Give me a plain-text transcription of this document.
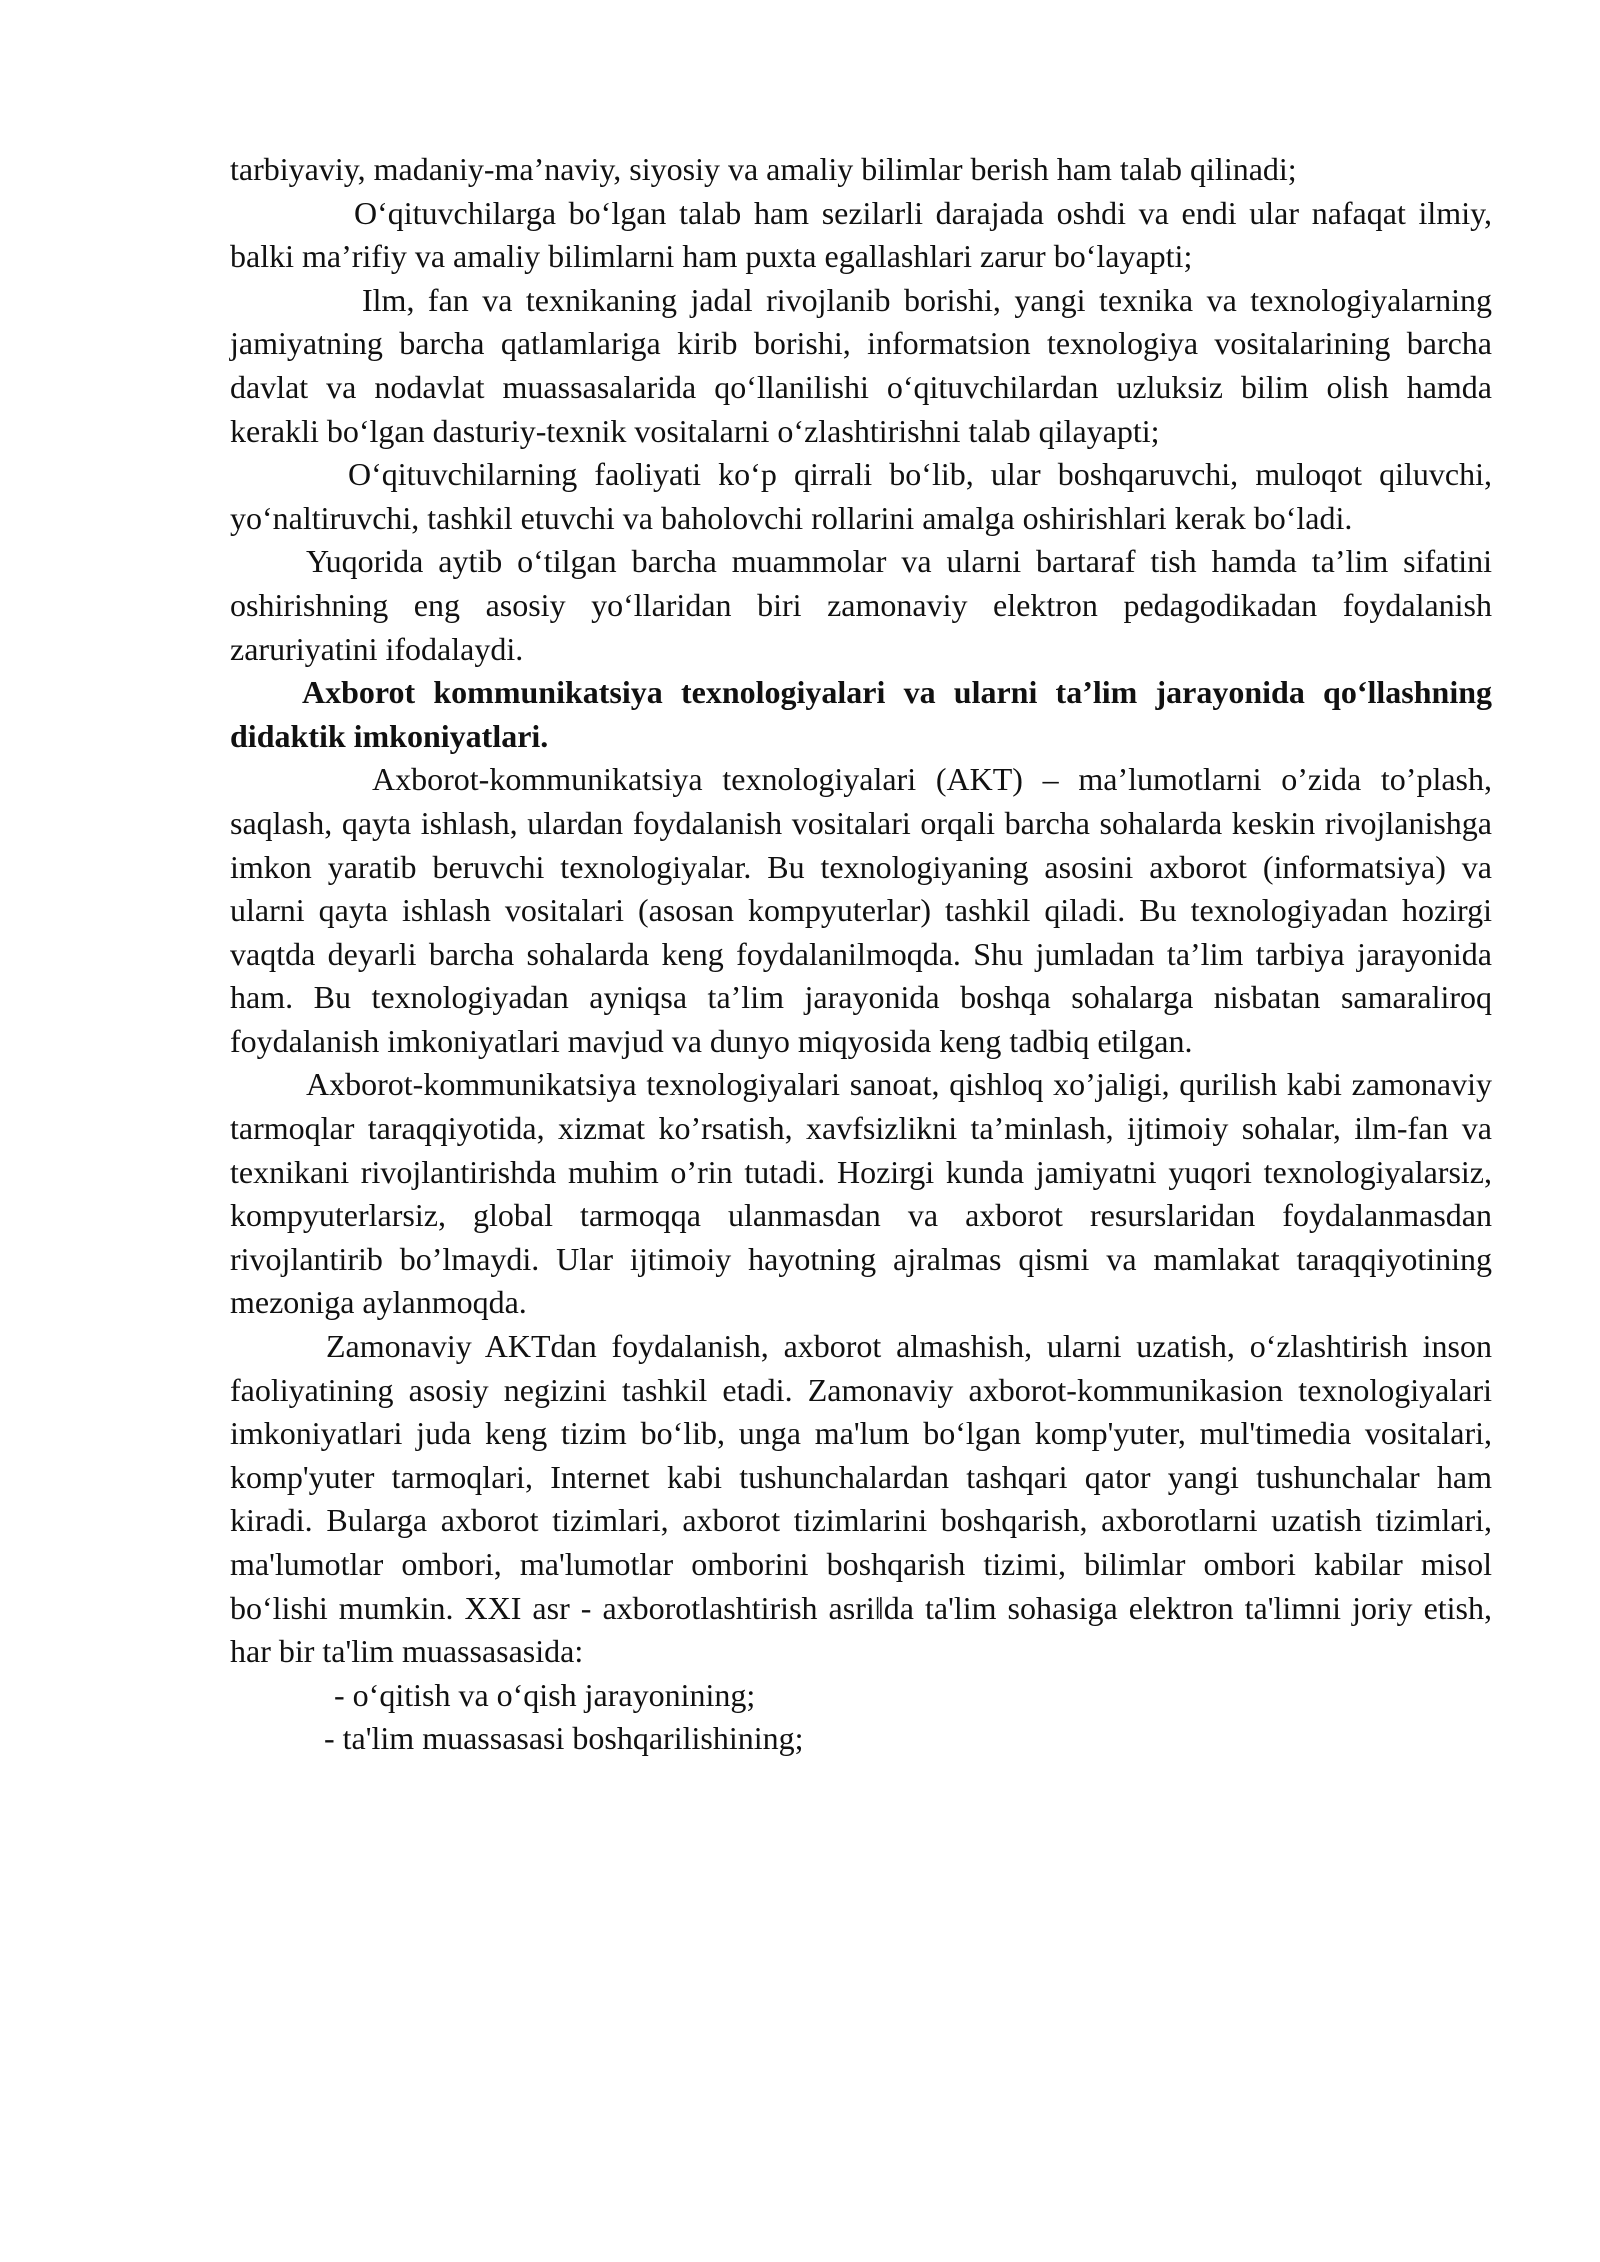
tarbiyaviy, madaniy-ma’naviy, siyosiy va amaliy bilimlar berish ham talab qilinadi;

O‘qituvchilarga bo‘lgan talab ham sezilarli darajada oshdi va endi ular nafaqat ilmiy, balki ma’rifiy va amaliy bilimlarni ham puxta egallashlari zarur bo‘layapti;

Ilm, fan va texnikaning jadal rivojlanib borishi, yangi texnika va texnologiyalarning jamiyatning barcha qatlamlariga kirib borishi, informatsion texnologiya vositalarining barcha davlat va nodavlat muassasalarida qo‘llanilishi o‘qituvchilardan uzluksiz bilim olish hamda kerakli bo‘lgan dasturiy-texnik vositalarni o‘zlashtirishni talab qilayapti;

O‘qituvchilarning faoliyati ko‘p qirrali bo‘lib, ular boshqaruvchi, muloqot qiluvchi, yo‘naltiruvchi, tashkil etuvchi va baholovchi rollarini amalga oshirishlari kerak bo‘ladi.

Yuqorida aytib o‘tilgan barcha muammolar va ularni bartaraf tish hamda ta’lim sifatini oshirishning eng asosiy yo‘llaridan biri zamonaviy elektron pedagodikadan foydalanish zaruriyatini ifodalaydi.

Axborot kommunikatsiya texnologiyalari va ularni ta’lim jarayonida qo‘llashning didaktik imkoniyatlari.

Axborot-kommunikatsiya texnologiyalari (AKT) – ma’lumotlarni o’zida to’plash, saqlash, qayta ishlash, ulardan foydalanish vositalari orqali barcha sohalarda keskin rivojlanishga imkon yaratib beruvchi texnologiyalar. Bu texnologiyaning asosini axborot (informatsiya) va ularni qayta ishlash vositalari (asosan kompyuterlar) tashkil qiladi. Bu texnologiyadan hozirgi vaqtda deyarli barcha sohalarda keng foydalanilmoqda. Shu jumladan ta’lim tarbiya jarayonida ham. Bu texnologiyadan ayniqsa ta’lim jarayonida boshqa sohalarga nisbatan samaraliroq foydalanish imkoniyatlari mavjud va dunyo miqyosida keng tadbiq etilgan.

Axborot-kommunikatsiya texnologiyalari sanoat, qishloq xo’jaligi, qurilish kabi zamonaviy tarmoqlar taraqqiyotida, xizmat ko’rsatish, xavfsizlikni ta’minlash, ijtimoiy sohalar, ilm-fan va texnikani rivojlantirishda muhim o’rin tutadi. Hozirgi kunda jamiyatni yuqori texnologiyalarsiz, kompyuterlarsiz, global tarmoqqa ulanmasdan va axborot resurslaridan foydalanmasdan rivojlantirib bo’lmaydi. Ular ijtimoiy hayotning ajralmas qismi va mamlakat taraqqiyotining mezoniga aylanmoqda.

Zamonaviy AKTdan foydalanish, axborot almashish, ularni uzatish, o‘zlashtirish inson faoliyatining asosiy negizini tashkil etadi. Zamonaviy axborot-kommunikasion texnologiyalari imkoniyatlari juda keng tizim bo‘lib, unga ma'lum bo‘lgan komp'yuter, mul'timedia vositalari, komp'yuter tarmoqlari, Internet kabi tushunchalardan tashqari qator yangi tushunchalar ham kiradi. Bularga axborot tizimlari, axborot tizimlarini boshqarish, axborotlarni uzatish tizimlari, ma'lumotlar ombori, ma'lumotlar omborini boshqarish tizimi, bilimlar ombori kabilar misol bo‘lishi mumkin. XXI asr - axborotlashtirish asri‖da ta'lim sohasiga elektron ta'limni joriy etish, har bir ta'lim muassasasida:

- o‘qitish va o‘qish jarayonining;

- ta'lim muassasasi boshqarilishining;
